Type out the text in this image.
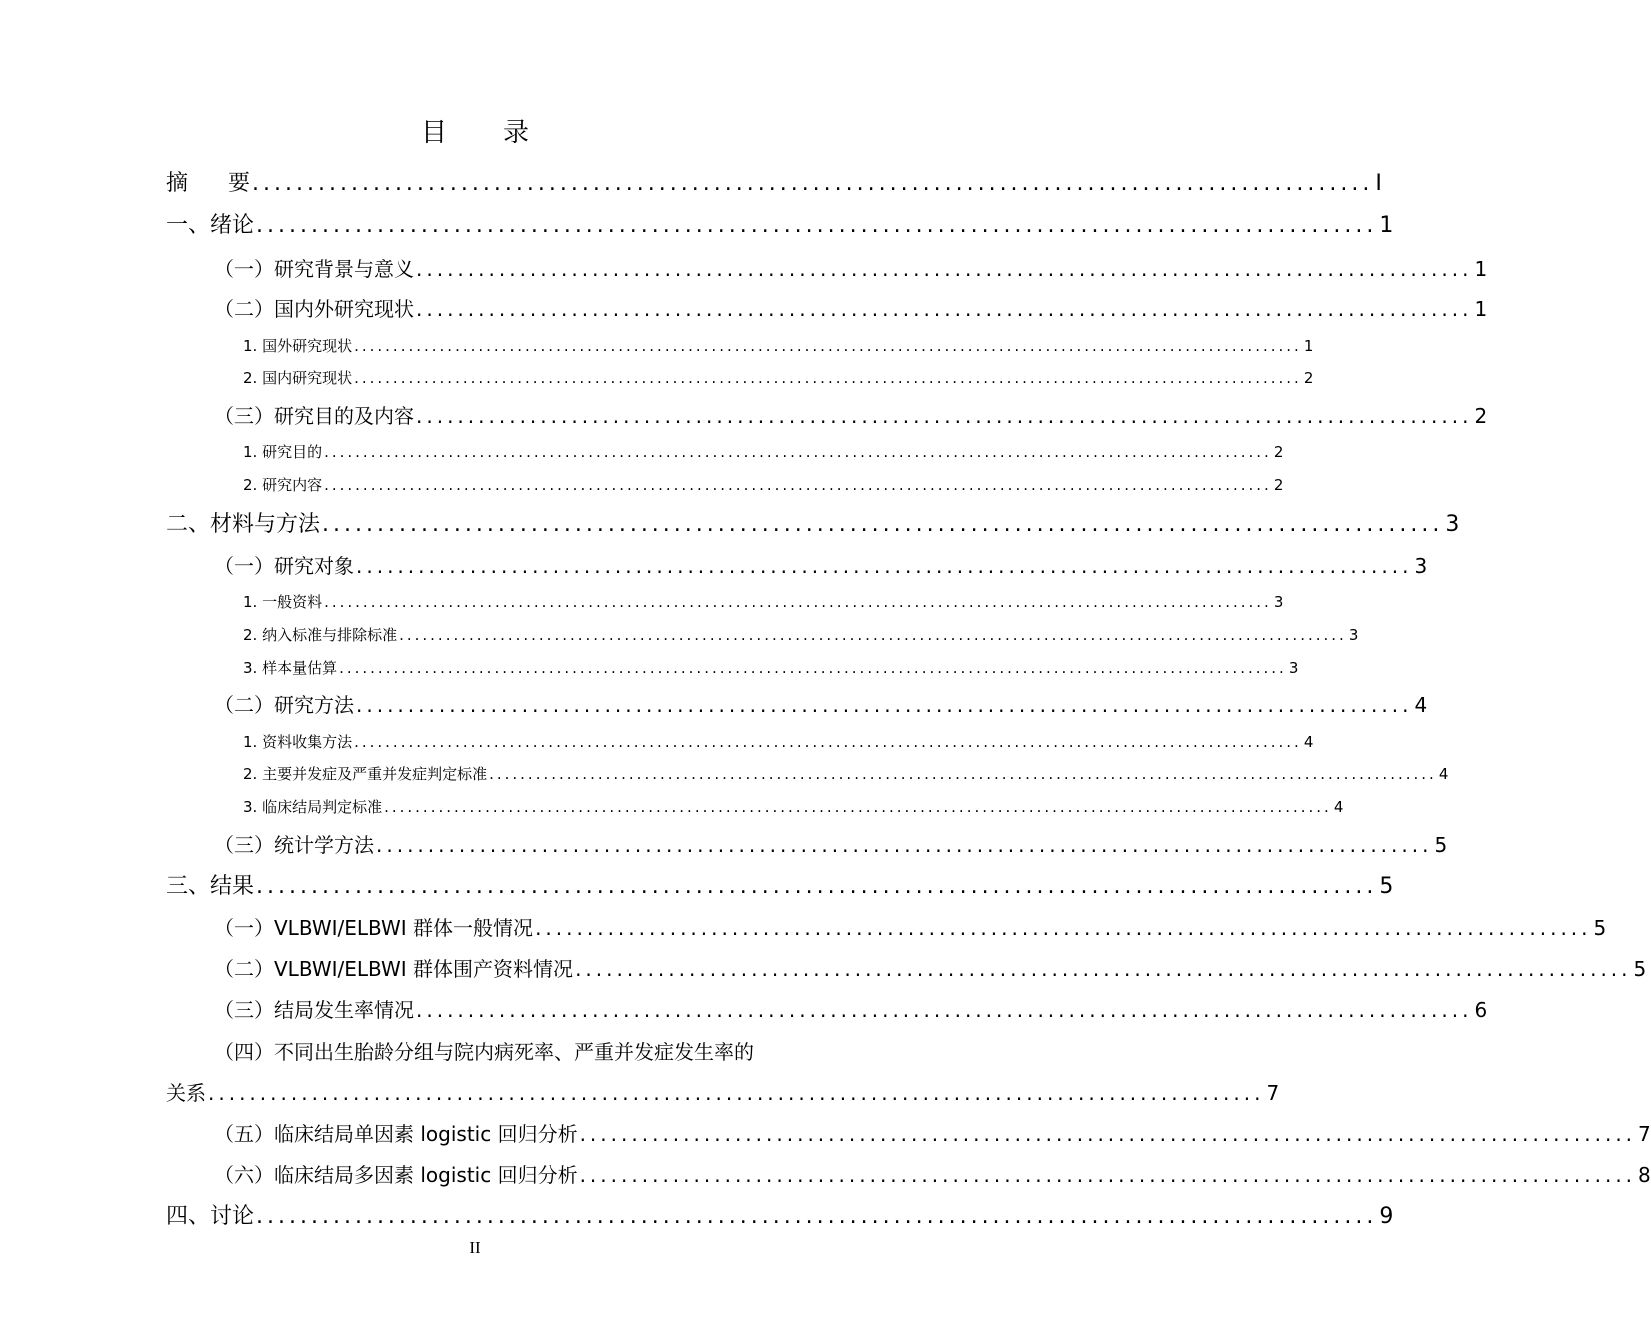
目 录
摘 要 ...................................................................................................... I
一、绪论 ...................................................................................................... 1
（一）研究背景与意义 ...................................................................................................... 1
（二）国内外研究现状 ...................................................................................................... 1
1. 国外研究现状 .......................................................................................................................... 1
2. 国内研究现状 .......................................................................................................................... 2
（三）研究目的及内容 ...................................................................................................... 2
1. 研究目的 .......................................................................................................................... 2
2. 研究内容 .......................................................................................................................... 2
二、材料与方法 ...................................................................................................... 3
（一）研究对象 ...................................................................................................... 3
1. 一般资料 .......................................................................................................................... 3
2. 纳入标准与排除标准 .......................................................................................................................... 3
3. 样本量估算 .......................................................................................................................... 3
（二）研究方法 ...................................................................................................... 4
1. 资料收集方法 .......................................................................................................................... 4
2. 主要并发症及严重并发症判定标准 .......................................................................................................................... 4
3. 临床结局判定标准 .......................................................................................................................... 4
（三）统计学方法 ...................................................................................................... 5
三、结果 ...................................................................................................... 5
（一）VLBWI/ELBWI 群体一般情况 ...................................................................................................... 5
（二）VLBWI/ELBWI 群体围产资料情况 ...................................................................................................... 5
（三）结局发生率情况 ...................................................................................................... 6
（四）不同出生胎龄分组与院内病死率、严重并发症发生率的
关系 ...................................................................................................... 7
（五）临床结局单因素 logistic 回归分析 ...................................................................................................... 7
（六）临床结局多因素 logistic 回归分析 ...................................................................................................... 8
四、讨论 ...................................................................................................... 9
II
